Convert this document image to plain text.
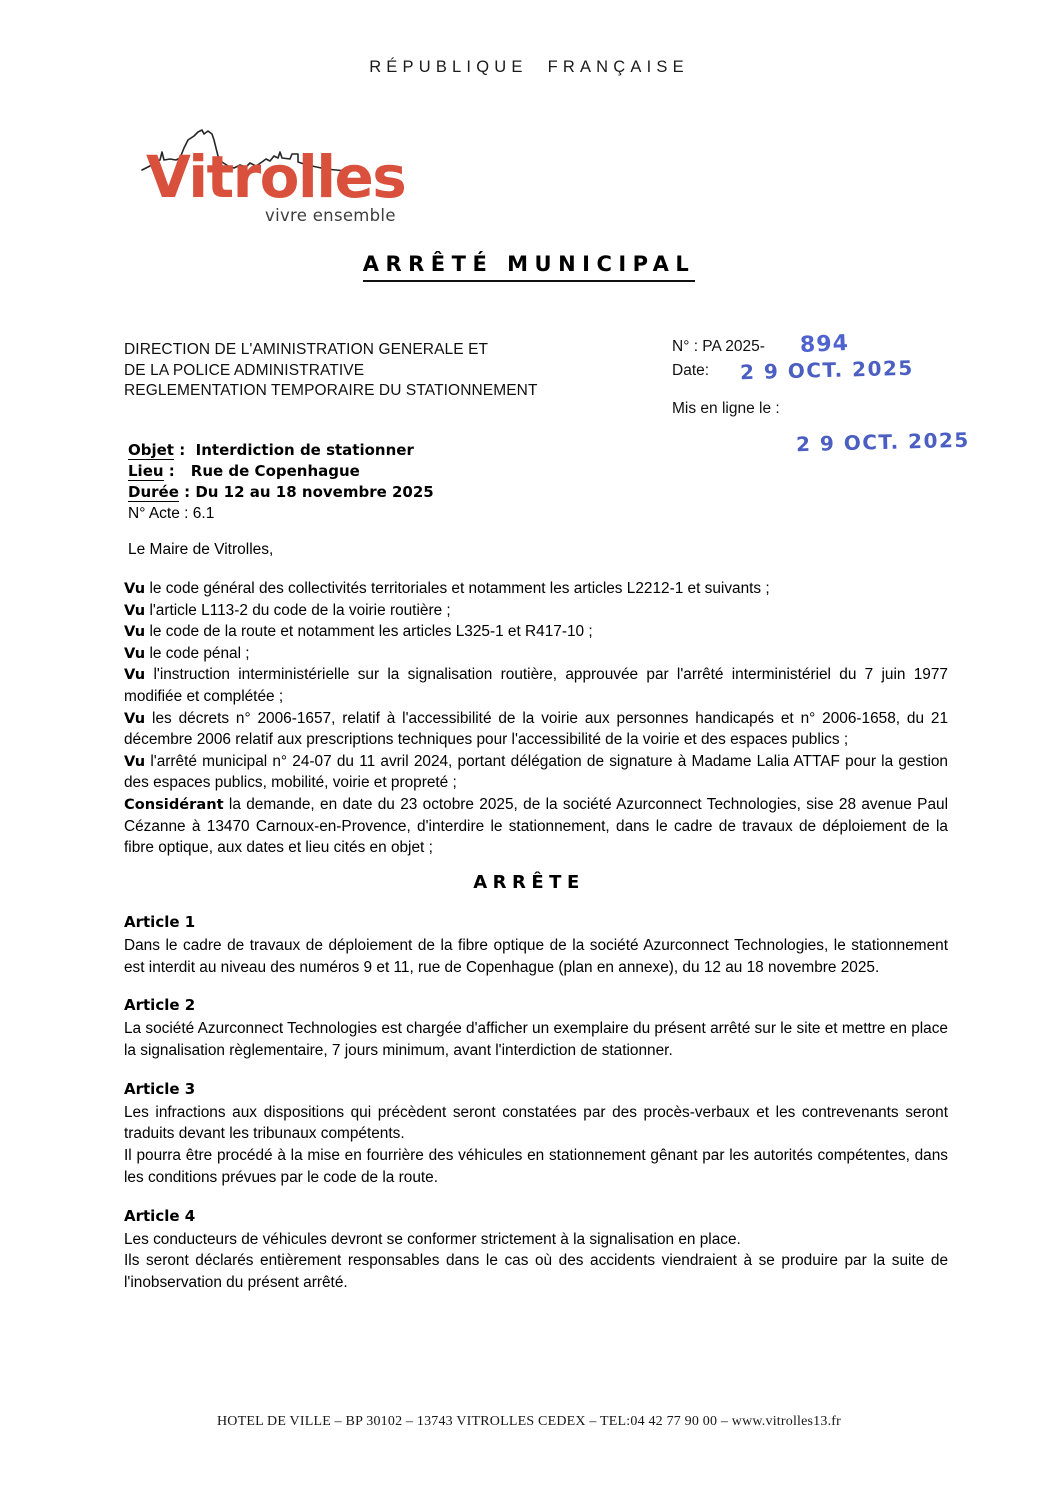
RÉPUBLIQUE FRANÇAISE
Vitrolles
vivre ensemble
ARRÊTÉ MUNICIPAL
DIRECTION DE L'AMINISTRATION GENERALE ET
DE LA POLICE ADMINISTRATIVE
REGLEMENTATION TEMPORAIRE DU STATIONNEMENT
N° : PA 2025- 894
Date: 2 9 OCT. 2025
Mis en ligne le :
2 9 OCT. 2025
Objet :  Interdiction de stationner
Lieu : Rue de Copenhague
Durée : Du 12 au 18 novembre 2025
N° Acte : 6.1
Le Maire de Vitrolles,

Vu le code général des collectivités territoriales et notamment les articles L2212-1 et suivants ;

Vu l'article L113-2 du code de la voirie routière ;

Vu le code de la route et notamment les articles L325-1 et R417-10 ;

Vu le code pénal ;

Vu l'instruction interministérielle sur la signalisation routière, approuvée par l'arrêté interministériel du 7 juin 1977 modifiée et complétée ;

Vu les décrets n° 2006-1657, relatif à l'accessibilité de la voirie aux personnes handicapés et n° 2006-1658, du 21 décembre 2006 relatif aux prescriptions techniques pour l'accessibilité de la voirie et des espaces publics ;

Vu l'arrêté municipal n° 24-07 du 11 avril 2024, portant délégation de signature à Madame Lalia ATTAF pour la gestion des espaces publics, mobilité, voirie et propreté ;

Considérant la demande, en date du 23 octobre 2025, de la société Azurconnect Technologies, sise 28 avenue Paul Cézanne à 13470 Carnoux-en-Provence, d'interdire le stationnement, dans le cadre de travaux de déploiement de la fibre optique, aux dates et lieu cités en objet ;

ARRÊTE
Article 1

Dans le cadre de travaux de déploiement de la fibre optique de la société Azurconnect Technologies, le stationnement est interdit au niveau des numéros 9 et 11, rue de Copenhague (plan en annexe), du 12 au 18 novembre 2025.

Article 2

La société Azurconnect Technologies est chargée d'afficher un exemplaire du présent arrêté sur le site et mettre en place la signalisation règlementaire, 7 jours minimum, avant l'interdiction de stationner.

Article 3

Les infractions aux dispositions qui précèdent seront constatées par des procès-verbaux et les contrevenants seront traduits devant les tribunaux compétents.

Il pourra être procédé à la mise en fourrière des véhicules en stationnement gênant par les autorités compétentes, dans les conditions prévues par le code de la route.

Article 4

Les conducteurs de véhicules devront se conformer strictement à la signalisation en place.

Ils seront déclarés entièrement responsables dans le cas où des accidents viendraient à se produire par la suite de l'inobservation du présent arrêté.

HOTEL DE VILLE – BP 30102 – 13743 VITROLLES CEDEX – TEL:04 42 77 90 00 – www.vitrolles13.fr
